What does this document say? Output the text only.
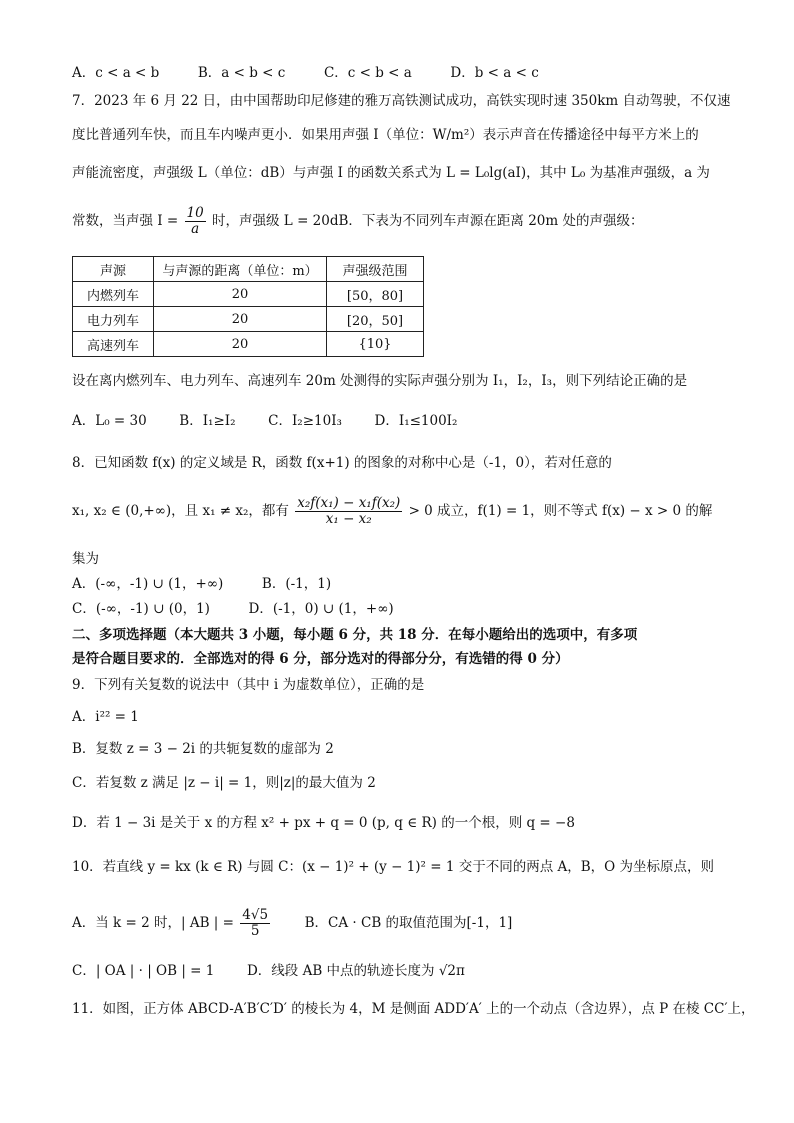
A．c < a < b	B．a < b < c	C．c < b < a	D．b < a < c
7．2023 年 6 月 22 日，由中国帮助印尼修建的雅万高铁测试成功，高铁实现时速 350km 自动驾驶，不仅速
度比普通列车快，而且车内噪声更小．如果用声强 I（单位：W/m²）表示声音在传播途径中每平方米上的
声能流密度，声强级 L（单位：dB）与声强 I 的函数关系式为 L = L₀lg(aI)，其中 L₀ 为基准声强级，a 为
常数，当声强 $I = \frac{10}{a}$ 时，声强级 L = 20dB．下表为不同列车声源在距离 20m 处的声强级：
声源	与声源的距离（单位：m）	声强级范围
内燃列车	20	[50，80]
电力列车	20	[20，50]
高速列车	20	{10}
设在离内燃列车、电力列车、高速列车 20m 处测得的实际声强分别为 I₁，I₂，I₃，则下列结论正确的是
A．L₀ = 30 B．I₁≥I₂ C．I₂≥10I₃ D．I₁≤100I₂
8．已知函数 f(x) 的定义域是 R，函数 f(x+1) 的图象的对称中心是（-1，0），若对任意的
x₁, x₂ ∈ (0,+∞)，且 x₁ ≠ x₂，都有 $\frac{\text{x₂f(x₁) − x₁f(x₂)}}{\text{x₁ − x₂}} > 0$ 成立，f(1) = 1，则不等式 f(x) − x > 0 的解
集为
A．(-∞，-1) ∪ (1，+∞)	B．(-1，1)
C．(-∞，-1) ∪ (0，1)	D．(-1，0) ∪ (1，+∞)
二、多项选择题（本大题共 3 小题，每小题 6 分，共 18 分．在每小题给出的选项中，有多项
是符合题目要求的．全部选对的得 6 分，部分选对的得部分分，有选错的得 0 分）
9．下列有关复数的说法中（其中 i 为虚数单位），正确的是
A．i²² = 1
B．复数 z = 3 − 2i 的共轭复数的虚部为 2
C．若复数 z 满足 |z − i| = 1，则|z|的最大值为 2
D．若 1 − 3i 是关于 x 的方程 x² + px + q = 0 (p, q ∈ R) 的一个根，则 q = −8
10．若直线 y = kx (k ∈ R) 与圆 C：(x − 1)² + (y − 1)² = 1 交于不同的两点 A，B，O 为坐标原点，则
A．当 k = 2 时，| AB | = $\frac{4√5}{5}$	B．CA · CB 的取值范围为[-1，1]
C．| OA | · | OB | = 1 D．线段 AB 中点的轨迹长度为 √2π
11．如图，正方体 ABCD-A′B′C′D′ 的棱长为 4，M 是侧面 ADD′A′ 上的一个动点（含边界），点 P 在棱 CC′上，
